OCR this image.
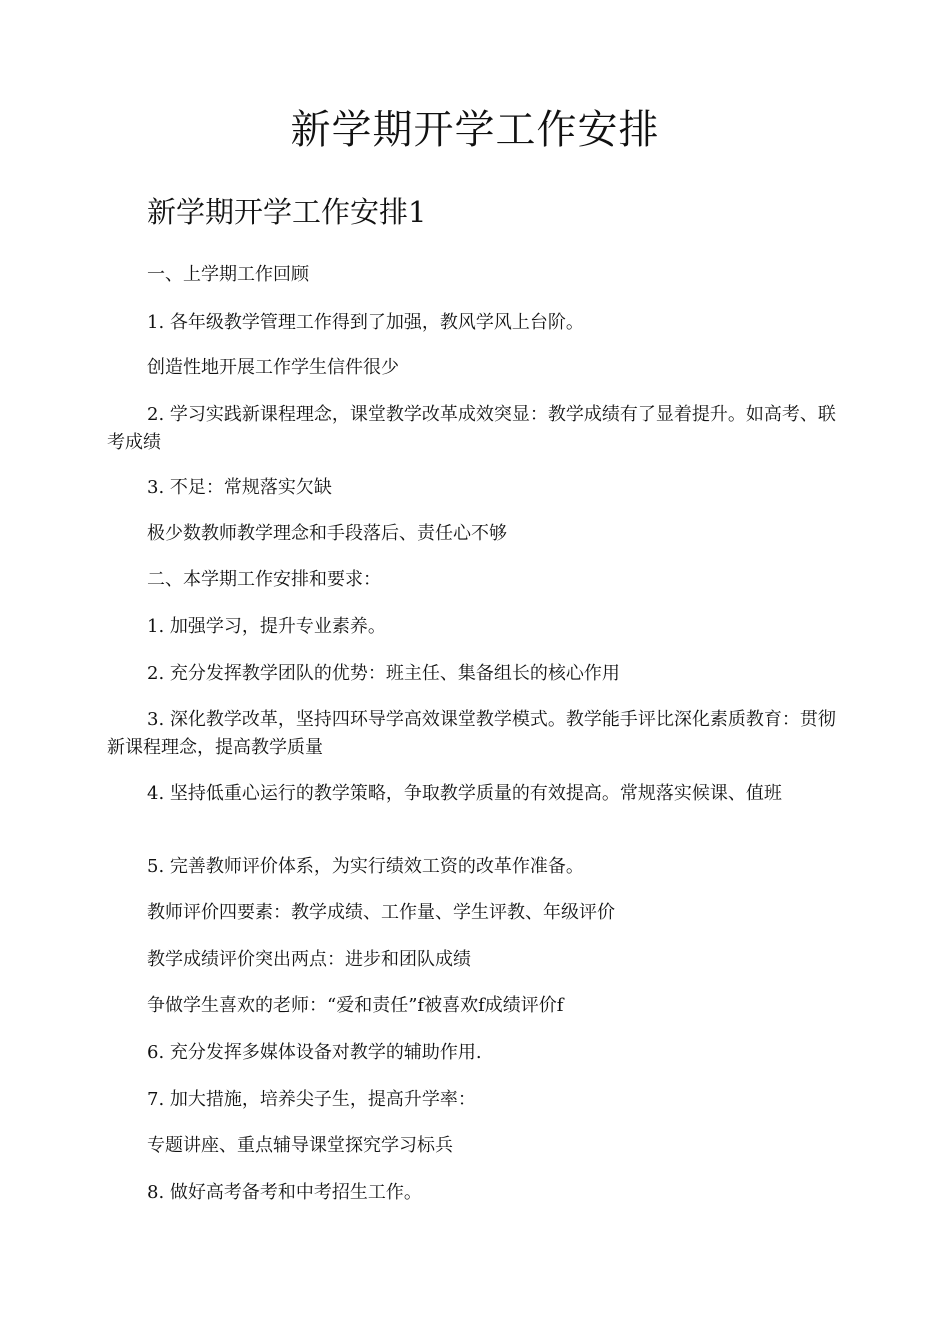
新学期开学工作安排
新学期开学工作安排1

一、上学期工作回顾

1. 各年级教学管理工作得到了加强，教风学风上台阶。

创造性地开展工作学生信件很少

2. 学习实践新课程理念，课堂教学改革成效突显：教学成绩有了显着提升。如高考、联考成绩

3. 不足：常规落实欠缺

极少数教师教学理念和手段落后、责任心不够

二、本学期工作安排和要求：

1. 加强学习，提升专业素养。

2. 充分发挥教学团队的优势：班主任、集备组长的核心作用

3. 深化教学改革，坚持四环导学高效课堂教学模式。教学能手评比深化素质教育：贯彻新课程理念，提高教学质量

4. 坚持低重心运行的教学策略，争取教学质量的有效提高。常规落实候课、值班

5. 完善教师评价体系，为实行绩效工资的改革作准备。

教师评价四要素：教学成绩、工作量、学生评教、年级评价

教学成绩评价突出两点：进步和团队成绩

争做学生喜欢的老师：“爱和责任”f被喜欢f成绩评价f

6. 充分发挥多媒体设备对教学的辅助作用.

7. 加大措施，培养尖子生，提高升学率：

专题讲座、重点辅导课堂探究学习标兵

8. 做好高考备考和中考招生工作。
